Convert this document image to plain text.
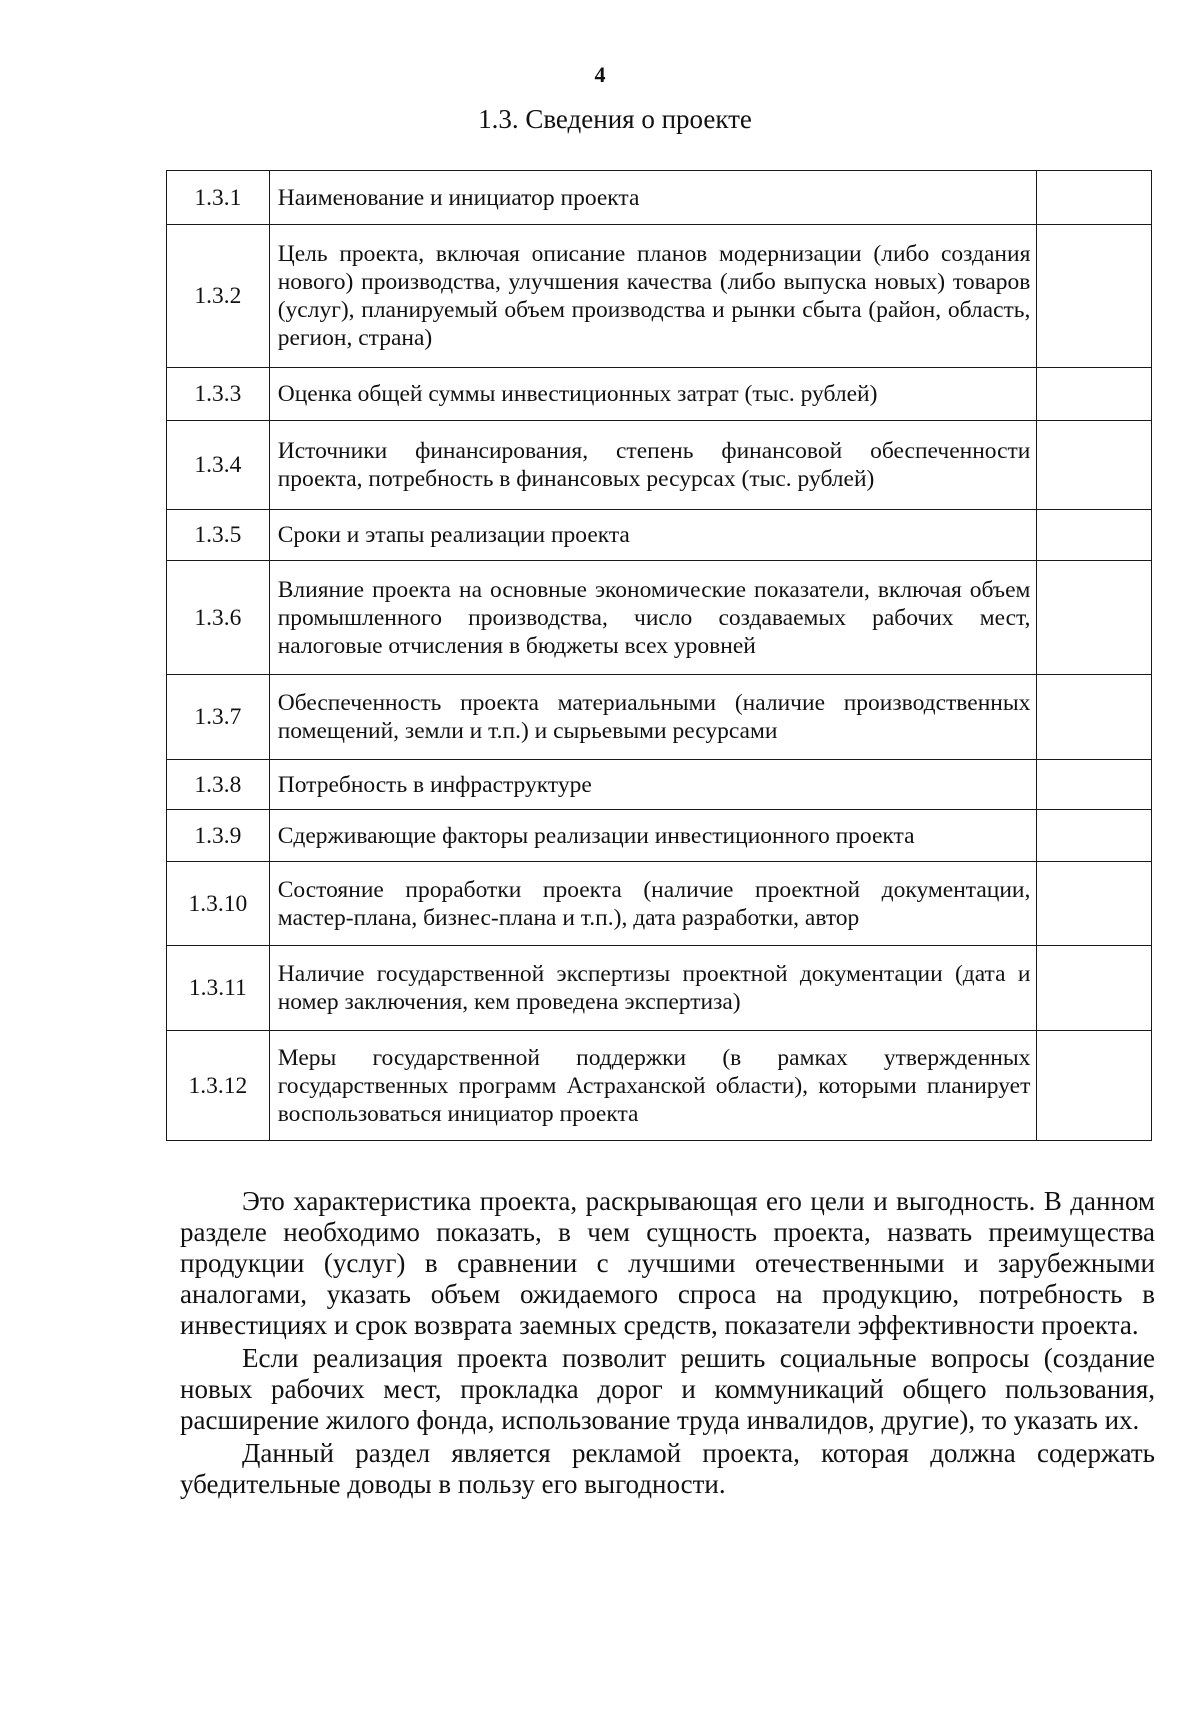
4
1.3. Сведения о проекте
1.3.1	Наименование и инициатор проекта	
1.3.2	Цель проекта, включая описание планов модернизации (либо создания нового) производства, улучшения качества (либо выпуска новых) товаров (услуг), планируемый объем производства и рынки сбыта (район, область, регион, страна)	
1.3.3	Оценка общей суммы инвестиционных затрат (тыс. рублей)	
1.3.4	Источники финансирования, степень финансовой обеспеченности проекта, потребность в финансовых ресурсах (тыс. рублей)	
1.3.5	Сроки и этапы реализации проекта	
1.3.6	Влияние проекта на основные экономические показатели, включая объем промышленного производства, число создаваемых рабочих мест, налоговые отчисления в бюджеты всех уровней	
1.3.7	Обеспеченность проекта материальными (наличие производственных помещений, земли и т.п.) и сырьевыми ресурсами	
1.3.8	Потребность в инфраструктуре	
1.3.9	Сдерживающие факторы реализации инвестиционного проекта	
1.3.10	Состояние проработки проекта (наличие проектной документации, мастер-плана, бизнес-плана и т.п.), дата разработки, автор	
1.3.11	Наличие государственной экспертизы проектной документации (дата и номер заключения, кем проведена экспертиза)	
1.3.12	Меры государственной поддержки (в рамках утвержденных государственных программ Астраханской области), которыми планирует воспользоваться инициатор проекта	

Это характеристика проекта, раскрывающая его цели и выгодность. В данном разделе необходимо показать, в чем сущность проекта, назвать преимущества продукции (услуг) в сравнении с лучшими отечественными и зарубежными аналогами, указать объем ожидаемого спроса на продукцию, потребность в инвестициях и срок возврата заемных средств, показатели эффективности проекта.

Если реализация проекта позволит решить социальные вопросы (создание новых рабочих мест, прокладка дорог и коммуникаций общего пользования, расширение жилого фонда, использование труда инвалидов, другие), то указать их.

Данный раздел является рекламой проекта, которая должна содержать убедительные доводы в пользу его выгодности.
